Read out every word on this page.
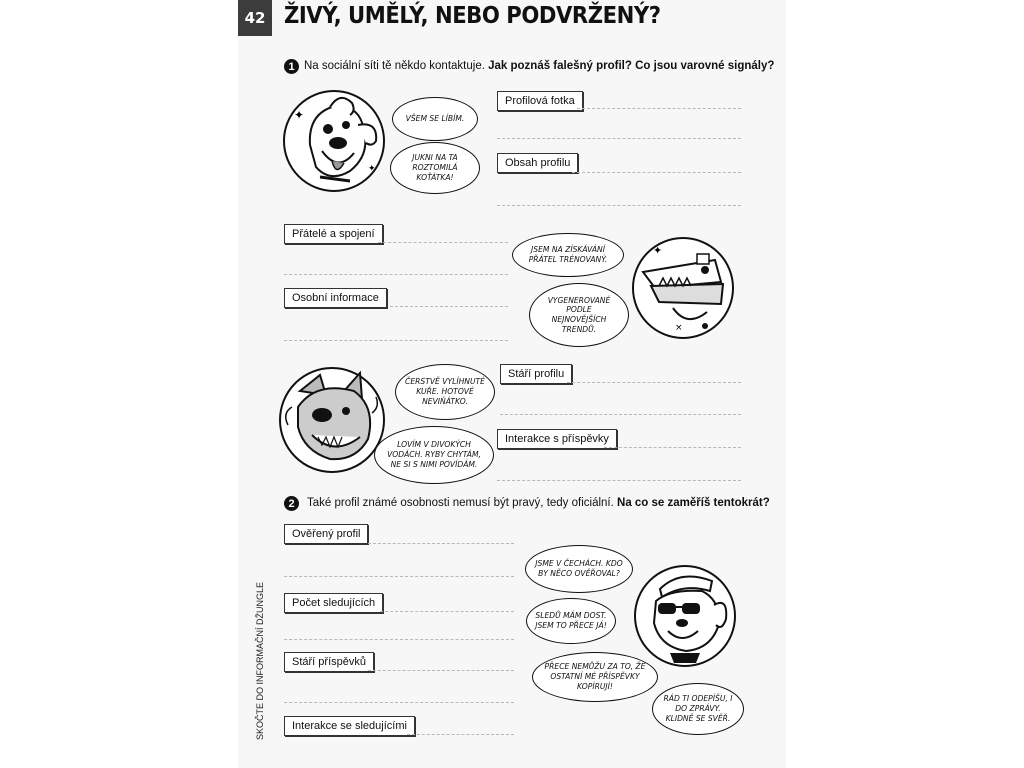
42 ŽIVÝ, UMĚLÝ, NEBO PODVRŽENÝ?
1 Na sociální síti tě někdo kontaktuje. Jak poznáš falešný profil? Co jsou varovné signály?
✦
✦
VŠEM SE LÍBÍM.
JUKNI NA TA ROZTOMILÁ KOŤÁTKA!
Profilová fotka
Obsah profilu
Přátelé a spojení
Osobní informace
JSEM NA ZÍSKÁVÁNÍ PŘÁTEL TRÉNOVANÝ.
VYGENEROVANÉ PODLE NEJNOVĚJŠÍCH TRENDŮ.	×
✦
ČERSTVĚ VYLÍHNUTÉ KUŘE. HOTOVÉ NEVIŇÁTKO.
LOVÍM V DIVOKÝCH VODÁCH. RYBY CHYTÁM, NE SI S NIMI POVÍDÁM.
Stáří profilu
Interakce s příspěvky
2	Také profil známé osobnosti nemusí být pravý, tedy oficiální. Na co se zaměříš tentokrát?
Ověřený profil
Počet sledujících
Stáří příspěvků
Interakce se sledujícími
JSME V ČECHÁCH. KDO BY NĚCO OVĚŘOVAL?
SLEDŮ MÁM DOST. JSEM TO PŘECE JÁ!
PŘECE NEMŮŽU ZA TO, ŽE OSTATNÍ MÉ PŘÍSPĚVKY KOPÍRUJÍ!
RÁD TI ODEPÍŠU, I DO ZPRÁVY. KLIDNĚ SE SVĚŘ.
SKOČTE DO INFORMAČNÍ DŽUNGLE
